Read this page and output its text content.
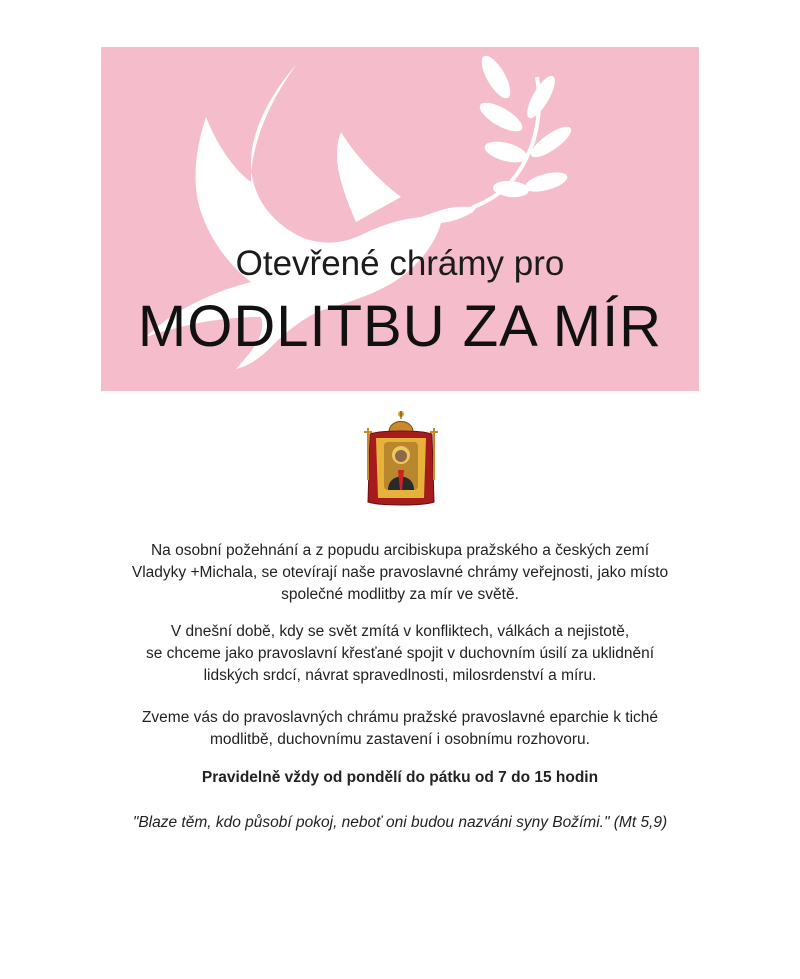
Otevřené chrámy pro
MODLITBU ZA MÍR

Na osobní požehnání a z popudu arcibiskupa pražského a českých zemí

Vladyky +Michala, se otevírají naše pravoslavné chrámy veřejnosti, jako místo

společné modlitby za mír ve světě.

V dnešní době, kdy se svět zmítá v konfliktech, válkách a nejistotě,

se chceme jako pravoslavní křesťané spojit v duchovním úsilí za uklidnění

lidských srdcí, návrat spravedlnosti, milosrdenství a míru.

Zveme vás do pravoslavných chrámu pražské pravoslavné eparchie k tiché

modlitbě, duchovnímu zastavení i osobnímu rozhovoru.

Pravidelně vždy od pondělí do pátku od 7 do 15 hodin
"Blaze těm, kdo působí pokoj, neboť oni budou nazváni syny Božími." (Mt 5,9)
